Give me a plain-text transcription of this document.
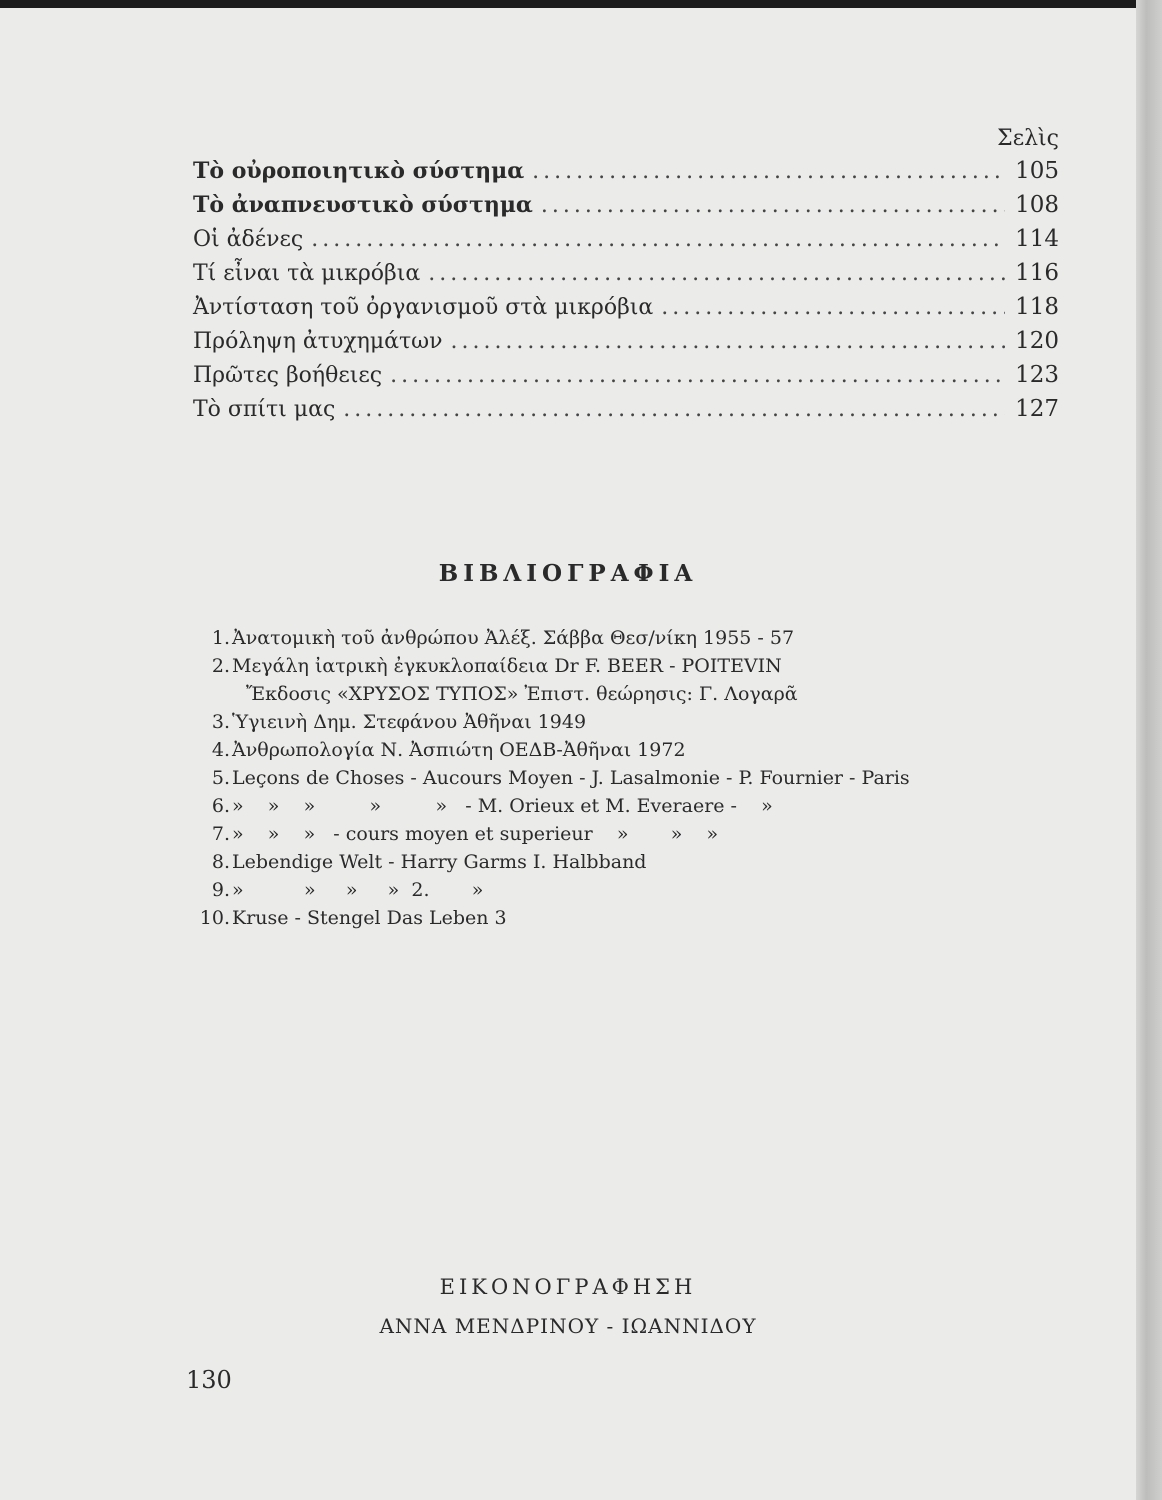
Σελὶς
Τὸ οὐροποιητικὸ σύστημα .....	105
Τὸ ἀναπνευστικὸ σύστημα .....	108
Οἱ ἀδένες .....	114
Τί εἶναι τὰ μικρόβια .....	116
Ἀντίσταση τοῦ ὀργανισμοῦ στὰ μικρόβια .....	118
Πρόληψη ἀτυχημάτων .....	120
Πρῶτες βοήθειες .....	123
Τὸ σπίτι μας .....	127
ΒΙΒΛΙΟΓΡΑΦΙΑ
1. Ἀνατομικὴ τοῦ ἀνθρώπου Ἀλέξ. Σάββα Θεσ/νίκη 1955 - 57
2. Μεγάλη ἰατρικὴ ἐγκυκλοπαίδεια Dr F. BEER - POITEVIN
Ἔκδοσις «ΧΡΥΣΟΣ ΤΥΠΟΣ» Ἐπιστ. θεώρησις: Γ. Λογαρᾶ
3. Ὑγιεινὴ Δημ. Στεφάνου Ἀθῆναι 1949
4. Ἀνθρωπολογία Ν. Ἀσπιώτη ΟΕΔΒ-Ἀθῆναι 1972
5. Leçons de Choses - Aucours Moyen - J. Lasalmonie - P. Fournier - Paris
6. »    »    »         »         »   - M. Orieux et M. Everaere -    »
7. »    »    »   - cours moyen et superieur    »       »    »
8. Lebendige Welt - Harry Garms I. Halbband
9. »          »     »     »  2.       »
10. Kruse - Stengel Das Leben 3
ΕΙΚΟΝΟΓΡΑΦΗΣΗ
ΑΝΝΑ ΜΕΝΔΡΙΝΟΥ - ΙΩΑΝΝΙΔΟΥ
130
